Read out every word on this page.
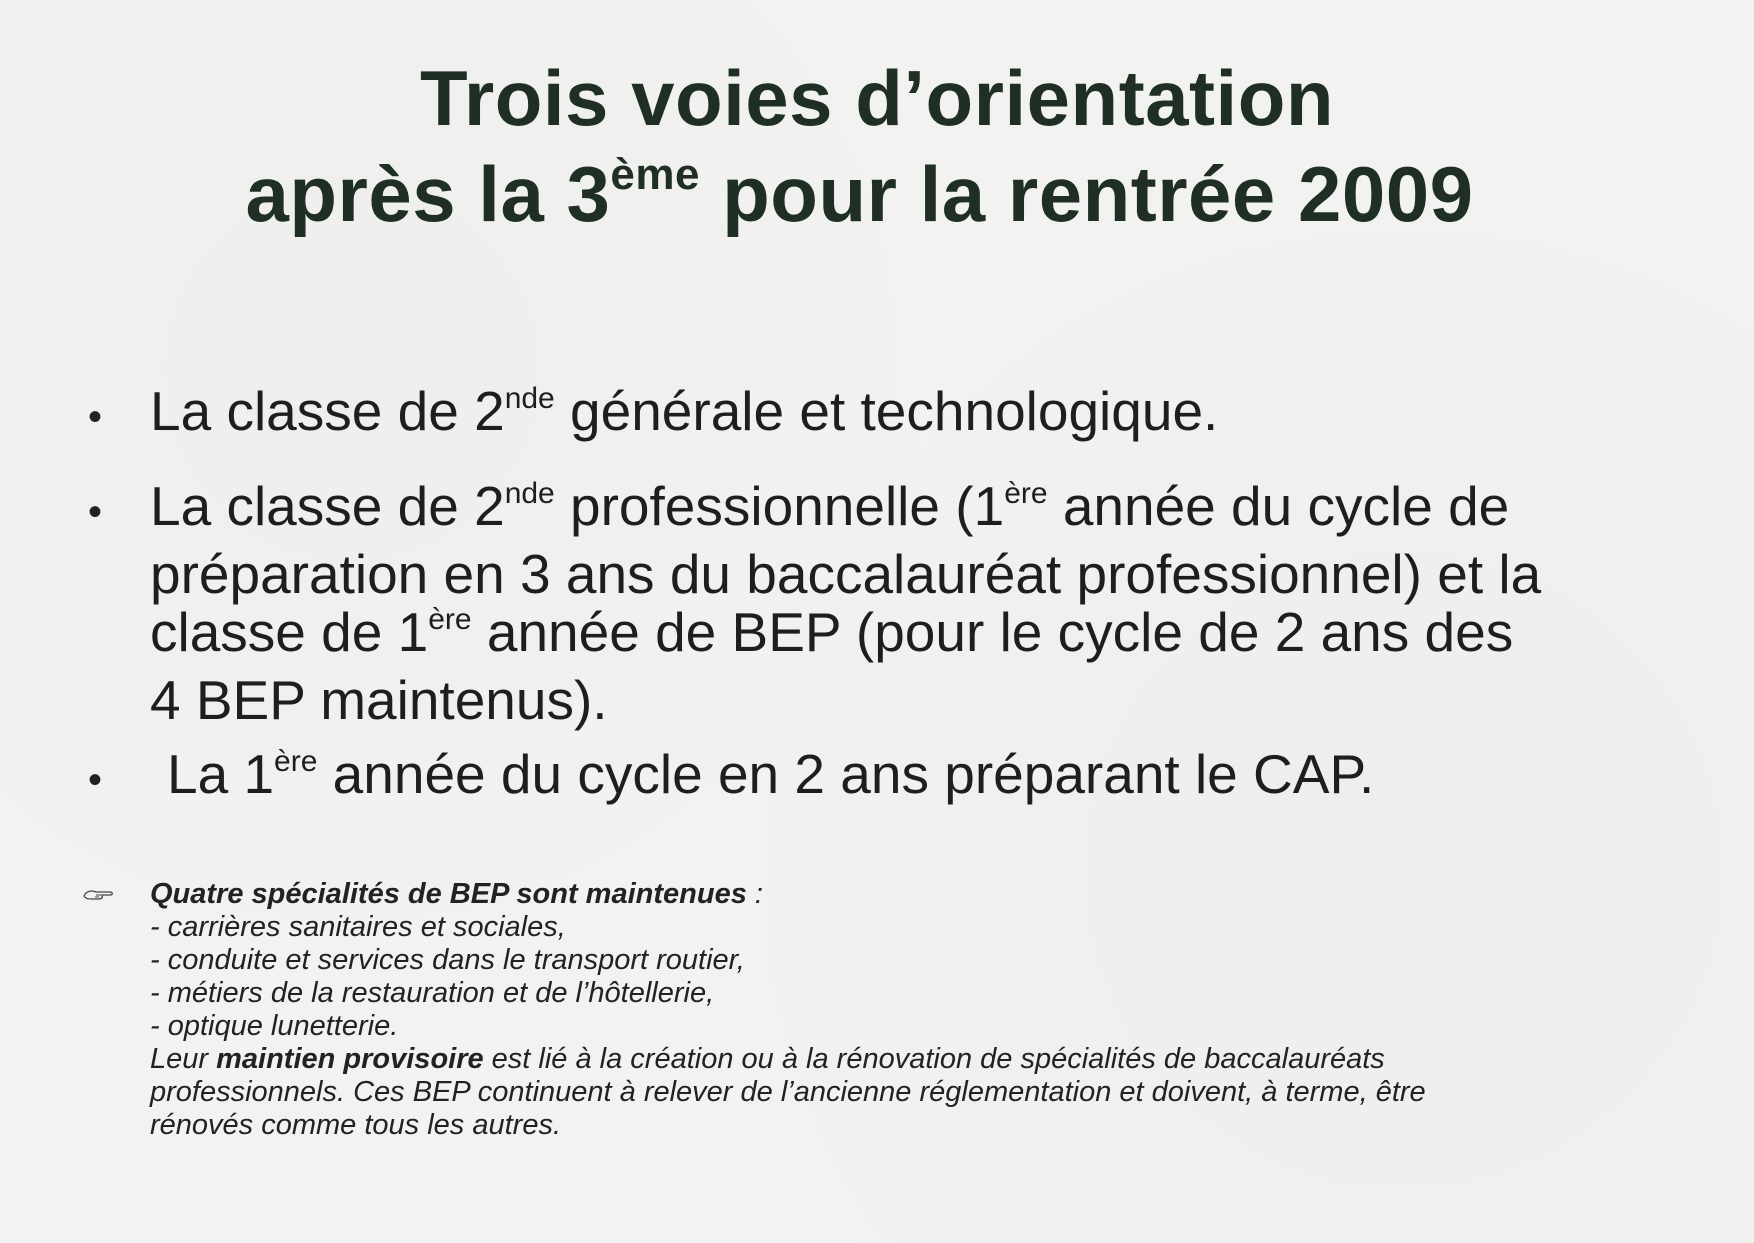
Trois voies d’orientation
après la 3ème pour la rentrée 2009
• La classe de 2nde générale et technologique.
• La classe de 2nde professionnelle (1ère année du cycle de
préparation en 3 ans du baccalauréat professionnel) et la
classe de 1ère année de BEP (pour le cycle de 2 ans des
4 BEP maintenus).
• La 1ère année du cycle en 2 ans préparant le CAP.
Quatre spécialités de BEP sont maintenues :
- carrières sanitaires et sociales,
- conduite et services dans le transport routier,
- métiers de la restauration et de l’hôtellerie,
- optique lunetterie.
Leur maintien provisoire est lié à la création ou à la rénovation de spécialités de baccalauréats
professionnels. Ces BEP continuent à relever de l’ancienne réglementation et doivent, à terme, être
rénovés comme tous les autres.
